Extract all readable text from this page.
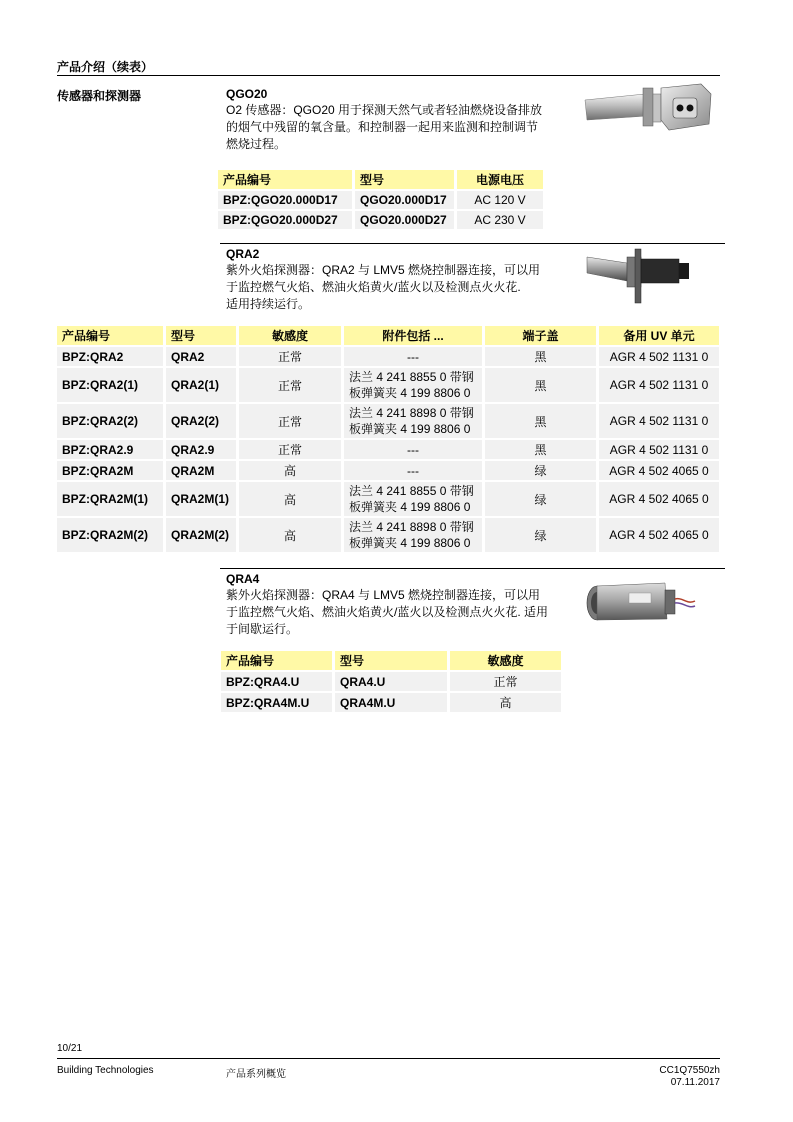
产品介绍（续表）
传感器和探测器	QGO20
O2 传感器：QGO20 用于探测天然气或者轻油燃烧设备排放
的烟气中残留的氧含量。和控制器一起用来监测和控制调节
燃烧过程。
产品编号	型号	电源电压
BPZ:QGO20.000D17	QGO20.000D17	AC 120 V
BPZ:QGO20.000D27	QGO20.000D27	AC 230 V
QRA2
紫外火焰探测器：QRA2 与 LMV5 燃烧控制器连接，可以用
于监控燃气火焰、燃油火焰黄火/蓝火以及检测点火火花.
适用持续运行。
产品编号	型号	敏感度	附件包括 ...	端子盖	备用 UV 单元
BPZ:QRA2	QRA2	正常	---	黑	AGR 4 502 1131 0
BPZ:QRA2(1)	QRA2(1)	正常	法兰 4 241 8855 0 带钢
板弹簧夹 4 199 8806 0	黑	AGR 4 502 1131 0
BPZ:QRA2(2)	QRA2(2)	正常	法兰 4 241 8898 0 带钢
板弹簧夹 4 199 8806 0	黑	AGR 4 502 1131 0
BPZ:QRA2.9	QRA2.9	正常	---	黑	AGR 4 502 1131 0
BPZ:QRA2M	QRA2M	高	---	绿	AGR 4 502 4065 0
BPZ:QRA2M(1)	QRA2M(1)	高	法兰 4 241 8855 0 带钢
板弹簧夹 4 199 8806 0	绿	AGR 4 502 4065 0
BPZ:QRA2M(2)	QRA2M(2)	高	法兰 4 241 8898 0 带钢
板弹簧夹 4 199 8806 0	绿	AGR 4 502 4065 0
QRA4
紫外火焰探测器：QRA4 与 LMV5 燃烧控制器连接，可以用
于监控燃气火焰、燃油火焰黄火/蓝火以及检测点火火花. 适用
于间歇运行。
产品编号	型号	敏感度
BPZ:QRA4.U	QRA4.U	正常
BPZ:QRA4M.U	QRA4M.U	高
10/21
Building Technologies	产品系列概览	CC1Q7550zh
07.11.2017
